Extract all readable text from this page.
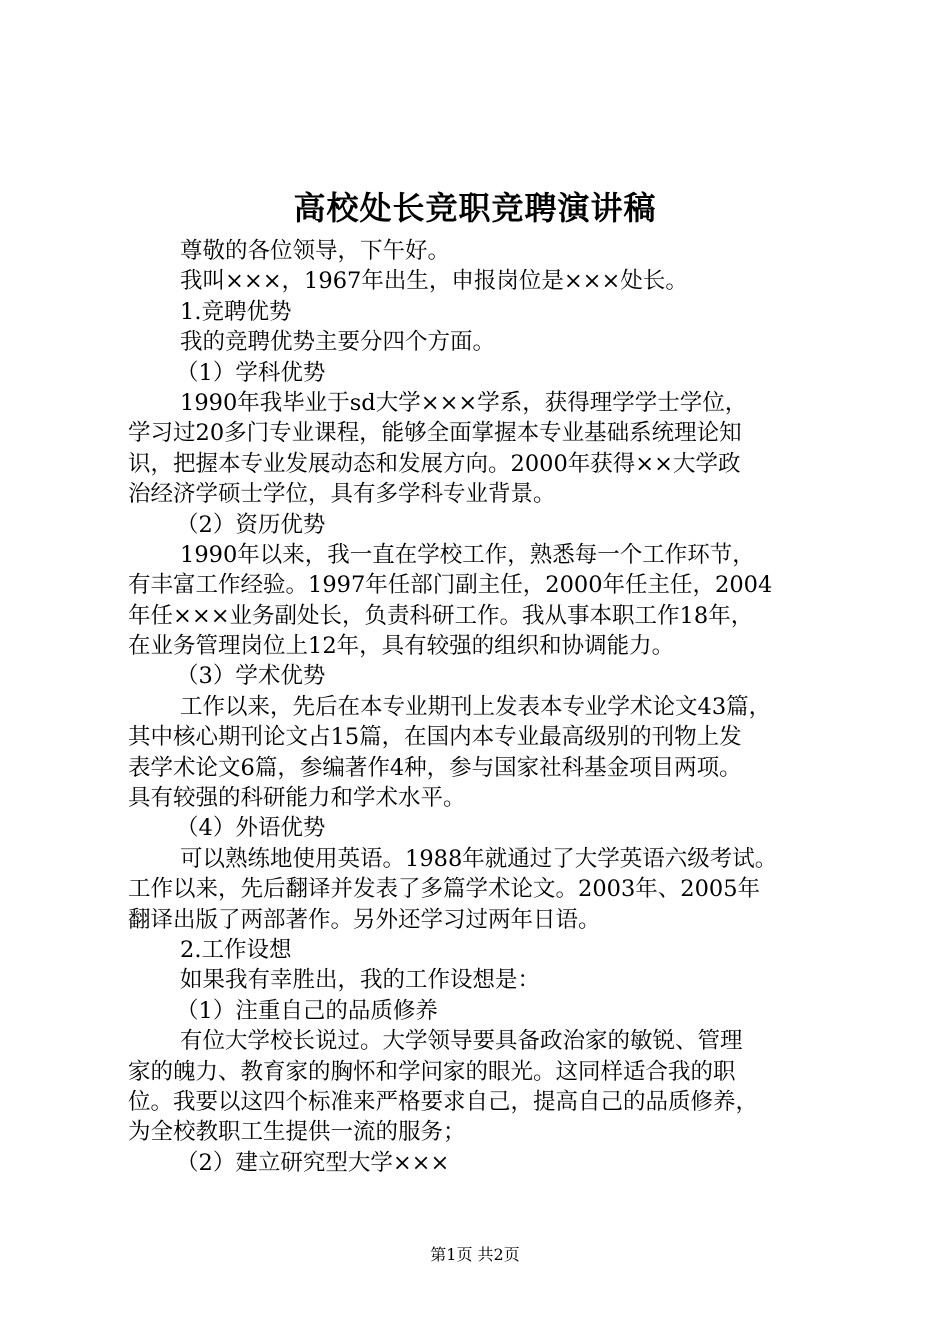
高校处长竞职竞聘演讲稿
尊敬的各位领导，下午好。
我叫×××，1967年出生，申报岗位是×××处长。
1.竞聘优势
我的竞聘优势主要分四个方面。
（1）学科优势
1990年我毕业于sd大学×××学系，获得理学学士学位，
学习过20多门专业课程，能够全面掌握本专业基础系统理论知
识，把握本专业发展动态和发展方向。2000年获得××大学政
治经济学硕士学位，具有多学科专业背景。
（2）资历优势
1990年以来，我一直在学校工作，熟悉每一个工作环节，
有丰富工作经验。1997年任部门副主任，2000年任主任，2004
年任×××业务副处长，负责科研工作。我从事本职工作18年，
在业务管理岗位上12年，具有较强的组织和协调能力。
（3）学术优势
工作以来，先后在本专业期刊上发表本专业学术论文43篇，
其中核心期刊论文占15篇，在国内本专业最高级别的刊物上发
表学术论文6篇，参编著作4种，参与国家社科基金项目两项。
具有较强的科研能力和学术水平。
（4）外语优势
可以熟练地使用英语。1988年就通过了大学英语六级考试。
工作以来，先后翻译并发表了多篇学术论文。2003年、2005年
翻译出版了两部著作。另外还学习过两年日语。
2.工作设想
如果我有幸胜出，我的工作设想是：
（1）注重自己的品质修养
有位大学校长说过。大学领导要具备政治家的敏锐、管理
家的魄力、教育家的胸怀和学问家的眼光。这同样适合我的职
位。我要以这四个标准来严格要求自己，提高自己的品质修养，
为全校教职工生提供一流的服务；
（2）建立研究型大学×××
第1页 共2页
